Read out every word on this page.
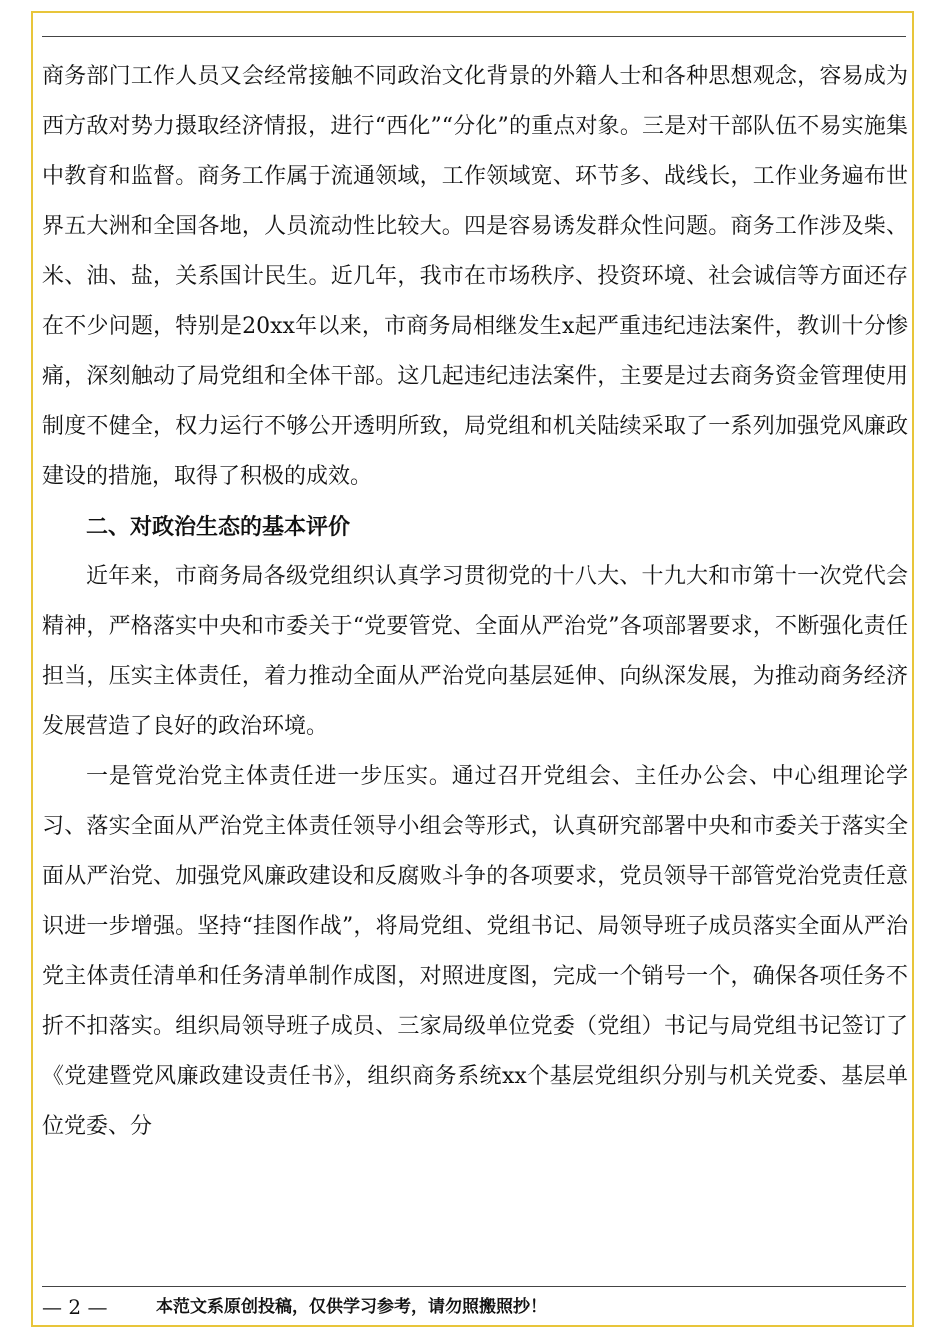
商务部门工作人员又会经常接触不同政治文化背景的外籍人士和各种思想观念，容易成为西方敌对势力摄取经济情报，进行“西化”“分化”的重点对象。三是对干部队伍不易实施集中教育和监督。商务工作属于流通领域，工作领域宽、环节多、战线长，工作业务遍布世界五大洲和全国各地，人员流动性比较大。四是容易诱发群众性问题。商务工作涉及柴、米、油、盐，关系国计民生。近几年，我市在市场秩序、投资环境、社会诚信等方面还存在不少问题，特别是20xx年以来，市商务局相继发生x起严重违纪违法案件，教训十分惨痛，深刻触动了局党组和全体干部。这几起违纪违法案件，主要是过去商务资金管理使用制度不健全，权力运行不够公开透明所致，局党组和机关陆续采取了一系列加强党风廉政建设的措施，取得了积极的成效。

二、对政治生态的基本评价

近年来，市商务局各级党组织认真学习贯彻党的十八大、十九大和市第十一次党代会精神，严格落实中央和市委关于“党要管党、全面从严治党”各项部署要求，不断强化责任担当，压实主体责任，着力推动全面从严治党向基层延伸、向纵深发展，为推动商务经济发展营造了良好的政治环境。

一是管党治党主体责任进一步压实。通过召开党组会、主任办公会、中心组理论学习、落实全面从严治党主体责任领导小组会等形式，认真研究部署中央和市委关于落实全面从严治党、加强党风廉政建设和反腐败斗争的各项要求，党员领导干部管党治党责任意识进一步增强。坚持“挂图作战”，将局党组、党组书记、局领导班子成员落实全面从严治党主体责任清单和任务清单制作成图，对照进度图，完成一个销号一个，确保各项任务不折不扣落实。组织局领导班子成员、三家局级单位党委（党组）书记与局党组书记签订了《党建暨党风廉政建设责任书》，组织商务系统xx个基层党组织分别与机关党委、基层单位党委、分

— 2 —	本范文系原创投稿，仅供学习参考，请勿照搬照抄！
